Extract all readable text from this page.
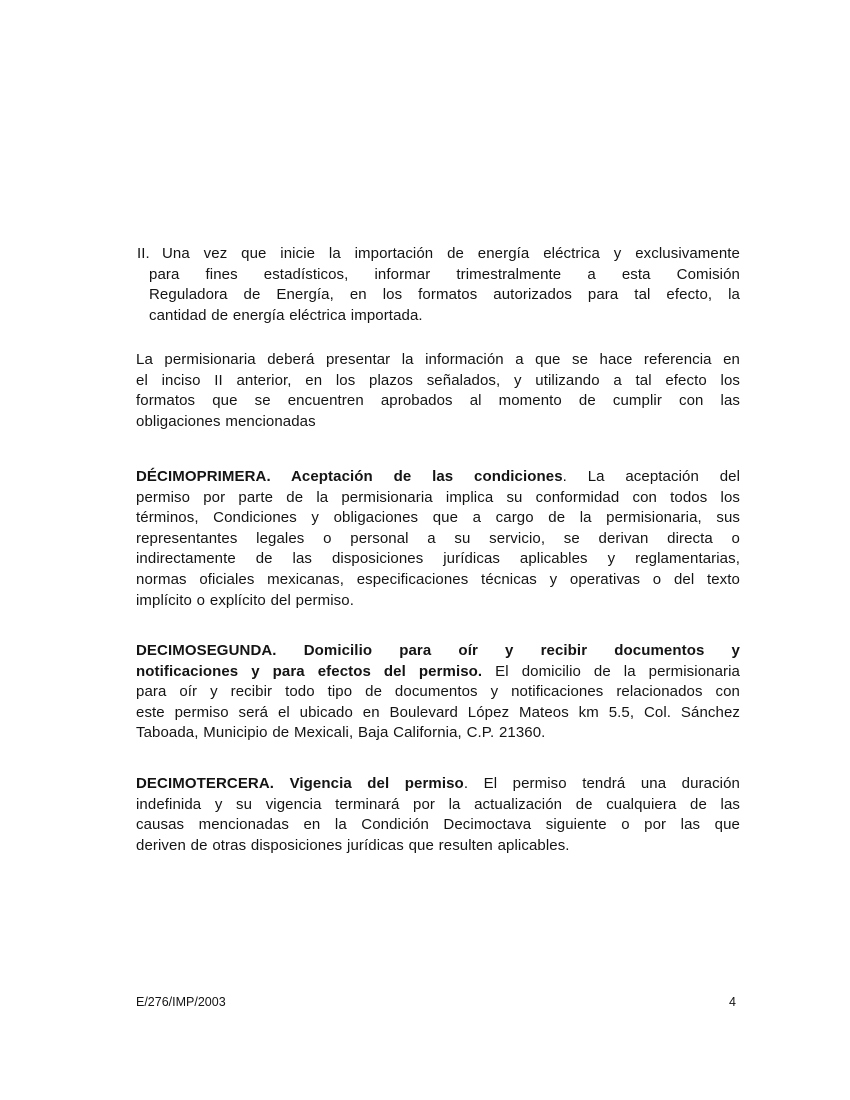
II. Una vez que inicie la importación de energía eléctrica y exclusivamente
para fines estadísticos, informar trimestralmente a esta Comisión
Reguladora de Energía, en los formatos autorizados para tal efecto, la
cantidad de energía eléctrica importada.
La permisionaria deberá presentar la información a que se hace referencia en
el inciso II anterior, en los plazos señalados, y utilizando a tal efecto los
formatos que se encuentren aprobados al momento de cumplir con las
obligaciones mencionadas
DÉCIMOPRIMERA. Aceptación de las condiciones. La aceptación del
permiso por parte de la permisionaria implica su conformidad con todos los
términos, Condiciones y obligaciones que a cargo de la permisionaria, sus
representantes legales o personal a su servicio, se derivan directa o
indirectamente de las disposiciones jurídicas aplicables y reglamentarias,
normas oficiales mexicanas, especificaciones técnicas y operativas o del texto
implícito o explícito del permiso.
DECIMOSEGUNDA. Domicilio para oír y recibir documentos y
notificaciones y para efectos del permiso. El domicilio de la permisionaria
para oír y recibir todo tipo de documentos y notificaciones relacionados con
este permiso será el ubicado en Boulevard López Mateos km 5.5, Col. Sánchez
Taboada, Municipio de Mexicali, Baja California, C.P. 21360.
DECIMOTERCERA. Vigencia del permiso. El permiso tendrá una duración
indefinida y su vigencia terminará por la actualización de cualquiera de las
causas mencionadas en la Condición Decimoctava siguiente o por las que
deriven de otras disposiciones jurídicas que resulten aplicables.
E/276/IMP/2003	4
